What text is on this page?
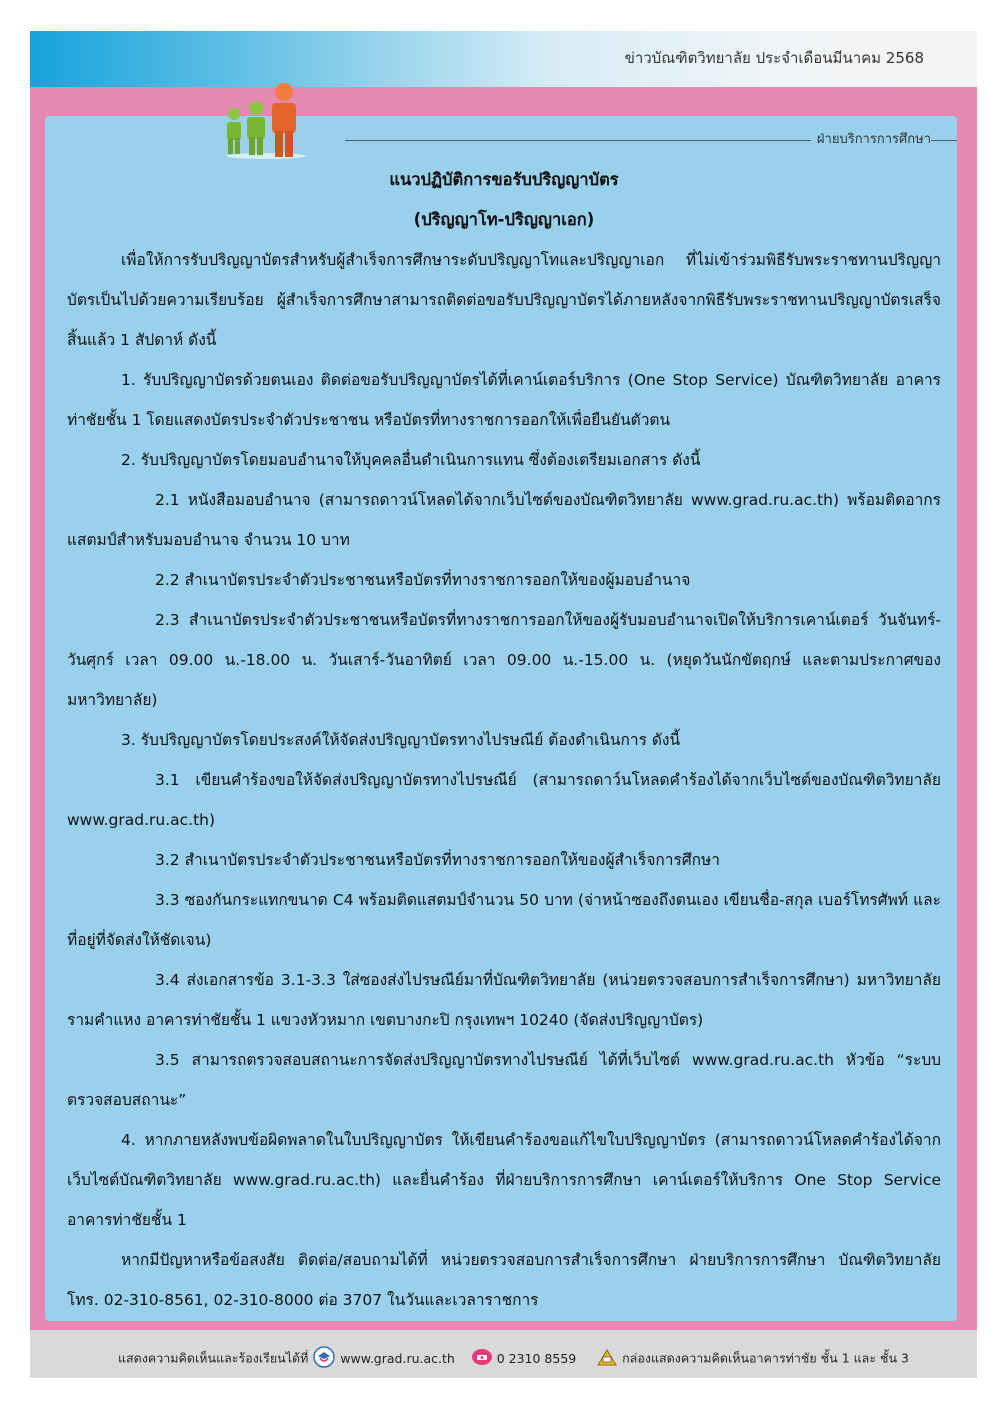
ข่าวบัณฑิตวิทยาลัย ประจำเดือนมีนาคม 2568
ฝ่ายบริการการศึกษา
แนวปฏิบัติการขอรับปริญญาบัตร
(ปริญญาโท-ปริญญาเอก)

เพื่อให้การรับปริญญาบัตรสำหรับผู้สำเร็จการศึกษาระดับปริญญาโทและปริญญาเอก ที่ไม่เข้าร่วมพิธีรับพระราชทานปริญญาบัตรเป็นไปด้วยความเรียบร้อย ผู้สำเร็จการศึกษาสามารถติดต่อขอรับปริญญาบัตรได้ภายหลังจากพิธีรับพระราชทานปริญญาบัตรเสร็จสิ้นแล้ว 1 สัปดาห์ ดังนี้

1. รับปริญญาบัตรด้วยตนเอง ติดต่อขอรับปริญญาบัตรได้ที่เคาน์เตอร์บริการ (One Stop Service) บัณฑิตวิทยาลัย อาคารท่าชัยชั้น 1 โดยแสดงบัตรประจำตัวประชาชน หรือบัตรที่ทางราชการออกให้เพื่อยืนยันตัวตน

2. รับปริญญาบัตรโดยมอบอำนาจให้บุคคลอื่นดำเนินการแทน ซึ่งต้องเตรียมเอกสาร ดังนี้

2.1 หนังสือมอบอำนาจ (สามารถดาวน์โหลดได้จากเว็บไซต์ของบัณฑิตวิทยาลัย www.grad.ru.ac.th) พร้อมติดอากรแสตมป์สำหรับมอบอำนาจ จำนวน 10 บาท

2.2 สำเนาบัตรประจำตัวประชาชนหรือบัตรที่ทางราชการออกให้ของผู้มอบอำนาจ

2.3 สำเนาบัตรประจำตัวประชาชนหรือบัตรที่ทางราชการออกให้ของผู้รับมอบอำนาจเปิดให้บริการเคาน์เตอร์ วันจันทร์-วันศุกร์ เวลา 09.00 น.-18.00 น. วันเสาร์-วันอาทิตย์ เวลา 09.00 น.-15.00 น. (หยุดวันนักขัตฤกษ์ และตามประกาศของมหาวิทยาลัย)

3. รับปริญญาบัตรโดยประสงค์ให้จัดส่งปริญญาบัตรทางไปรษณีย์ ต้องดำเนินการ ดังนี้

3.1 เขียนคำร้องขอให้จัดส่งปริญญาบัตรทางไปรษณีย์ (สามารถดาว์นโหลดคำร้องได้จากเว็บไซต์ของบัณฑิตวิทยาลัย www.grad.ru.ac.th)

3.2 สำเนาบัตรประจำตัวประชาชนหรือบัตรที่ทางราชการออกให้ของผู้สำเร็จการศึกษา

3.3 ซองกันกระแทกขนาด C4 พร้อมติดแสตมป์จำนวน 50 บาท (จ่าหน้าซองถึงตนเอง เขียนชื่อ-สกุล เบอร์โทรศัพท์ และที่อยู่ที่จัดส่งให้ชัดเจน)

3.4 ส่งเอกสารข้อ 3.1-3.3 ใส่ซองส่งไปรษณีย์มาที่บัณฑิตวิทยาลัย (หน่วยตรวจสอบการสำเร็จการศึกษา) มหาวิทยาลัยรามคำแหง อาคารท่าชัยชั้น 1 แขวงหัวหมาก เขตบางกะปิ กรุงเทพฯ 10240 (จัดส่งปริญญาบัตร)

3.5 สามารถตรวจสอบสถานะการจัดส่งปริญญาบัตรทางไปรษณีย์ ได้ที่เว็บไซต์ www.grad.ru.ac.th หัวข้อ “ระบบตรวจสอบสถานะ”

4. หากภายหลังพบข้อผิดพลาดในใบปริญญาบัตร ให้เขียนคำร้องขอแก้ไขใบปริญญาบัตร (สามารถดาวน์โหลดคำร้องได้จากเว็บไซต์บัณฑิตวิทยาลัย www.grad.ru.ac.th) และยื่นคำร้อง ที่ฝ่ายบริการการศึกษา เคาน์เตอร์ให้บริการ One Stop Service อาคารท่าชัยชั้น 1

หากมีปัญหาหรือข้อสงสัย ติดต่อ/สอบถามได้ที่ หน่วยตรวจสอบการสำเร็จการศึกษา ฝ่ายบริการการศึกษา บัณฑิตวิทยาลัย โทร. 02-310-8561, 02-310-8000 ต่อ 3707 ในวันและเวลาราชการ

แสดงความคิดเห็นและร้องเรียนได้ที่	www.grad.ru.ac.th	0 2310 8559	กล่องแสดงความคิดเห็นอาคารท่าชัย ชั้น 1 และ ชั้น 3
